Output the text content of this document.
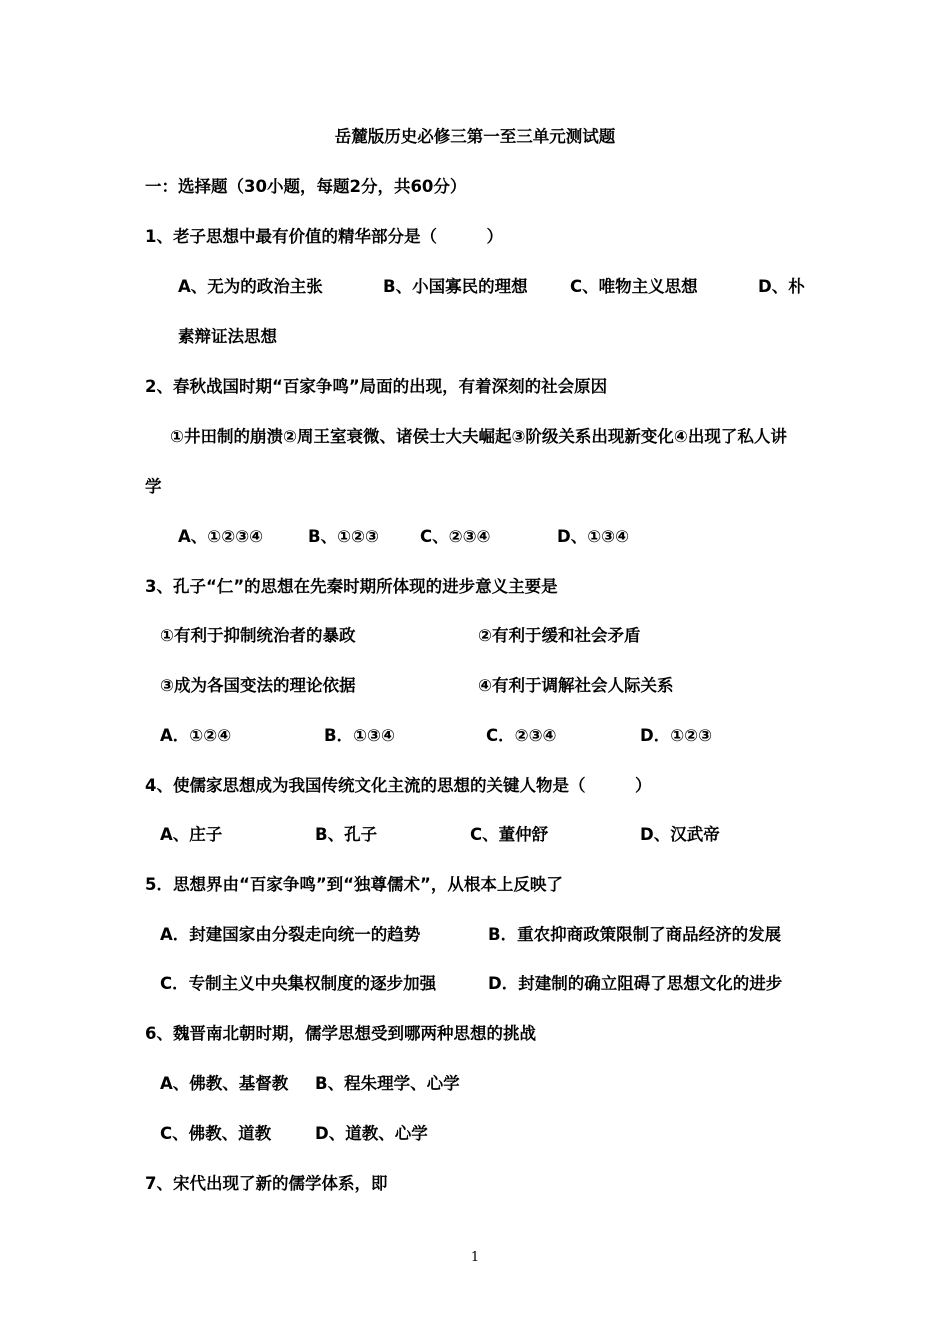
岳麓版历史必修三第一至三单元测试题
一：选择题（30小题，每题2分，共60分）
1、老子思想中最有价值的精华部分是（　　　）
A、无为的政治主张	B、小国寡民的理想	C、唯物主义思想	D、朴
素辩证法思想
2、春秋战国时期“百家争鸣”局面的出现，有着深刻的社会原因
①井田制的崩溃②周王室衰微、诸侯士大夫崛起③阶级关系出现新变化④出现了私人讲
学
A、①②③④	B、①②③ C、②③④	D、①③④
3、孔子“仁”的思想在先秦时期所体现的进步意义主要是
①有利于抑制统治者的暴政	②有利于缓和社会矛盾
③成为各国变法的理论依据	④有利于调解社会人际关系
A．①②④	B．①③④	C．②③④	D．①②③
4、使儒家思想成为我国传统文化主流的思想的关键人物是（　　　）
A、庄子	B、孔子	C、董仲舒	D、汉武帝
5．思想界由“百家争鸣”到“独尊儒术”，从根本上反映了
A．封建国家由分裂走向统一的趋势	B．重农抑商政策限制了商品经济的发展
C．专制主义中央集权制度的逐步加强	D．封建制的确立阻碍了思想文化的进步
6、魏晋南北朝时期，儒学思想受到哪两种思想的挑战
A、佛教、基督教 B、程朱理学、心学
C、佛教、道教	D、道教、心学
7、宋代出现了新的儒学体系，即
1
